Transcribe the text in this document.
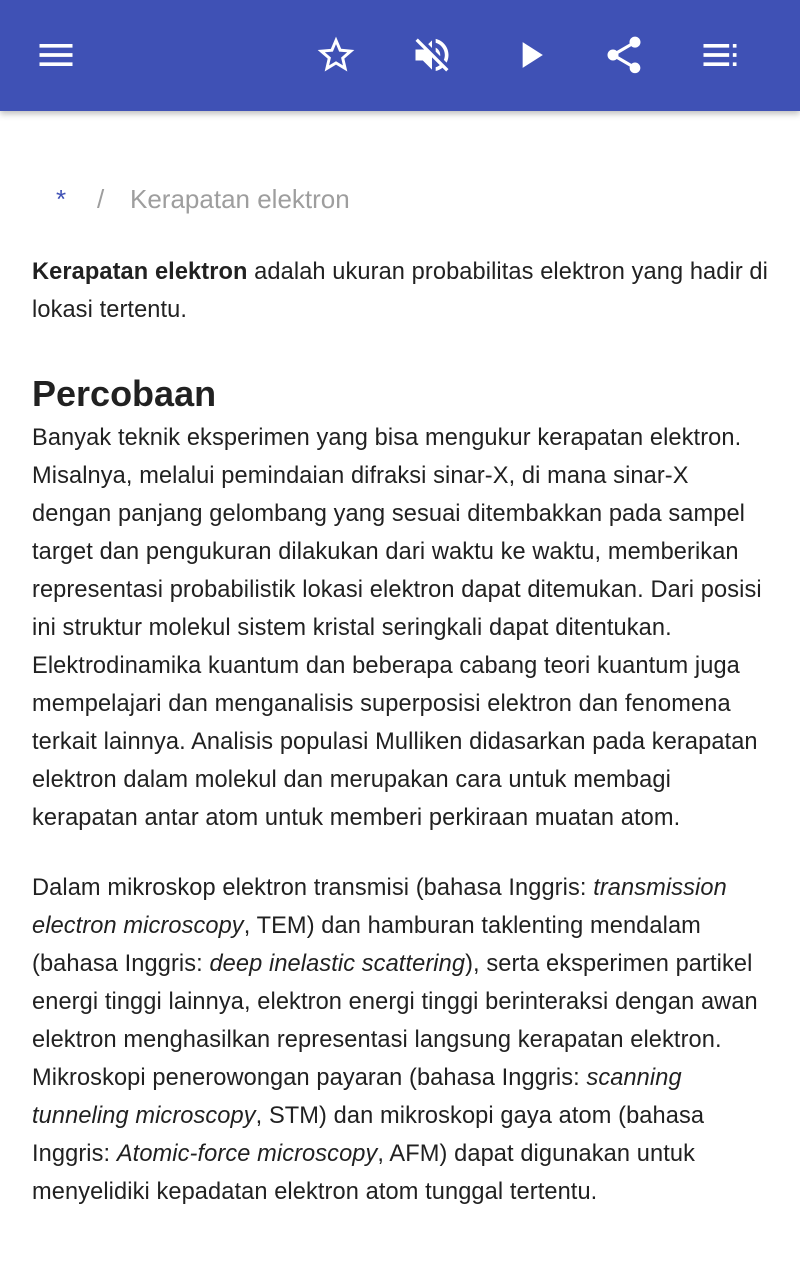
*	/ Kerapatan elektron

Kerapatan elektron adalah ukuran probabilitas elektron yang hadir di lokasi tertentu.

Percobaan

Banyak teknik eksperimen yang bisa mengukur kerapatan elektron. Misalnya, melalui pemindaian difraksi sinar-X, di mana sinar-X dengan panjang gelombang yang sesuai ditembakkan pada sampel target dan pengukuran dilakukan dari waktu ke waktu, memberikan representasi probabilistik lokasi elektron dapat ditemukan. Dari posisi ini struktur molekul sistem kristal seringkali dapat ditentukan. Elektrodinamika kuantum dan beberapa cabang teori kuantum juga mempelajari dan menganalisis superposisi elektron dan fenomena terkait lainnya. Analisis populasi Mulliken didasarkan pada kerapatan elektron dalam molekul dan merupakan cara untuk membagi kerapatan antar atom untuk memberi perkiraan muatan atom.

Dalam mikroskop elektron transmisi (bahasa Inggris: transmission electron microscopy, TEM) dan hamburan taklenting mendalam (bahasa Inggris: deep inelastic scattering), serta eksperimen partikel energi tinggi lainnya, elektron energi tinggi berinteraksi dengan awan elektron menghasilkan representasi langsung kerapatan elektron. Mikroskopi penerowongan payaran (bahasa Inggris: scanning tunneling microscopy, STM) dan mikroskopi gaya atom (bahasa Inggris: Atomic-force microscopy, AFM) dapat digunakan untuk menyelidiki kepadatan elektron atom tunggal tertentu.
